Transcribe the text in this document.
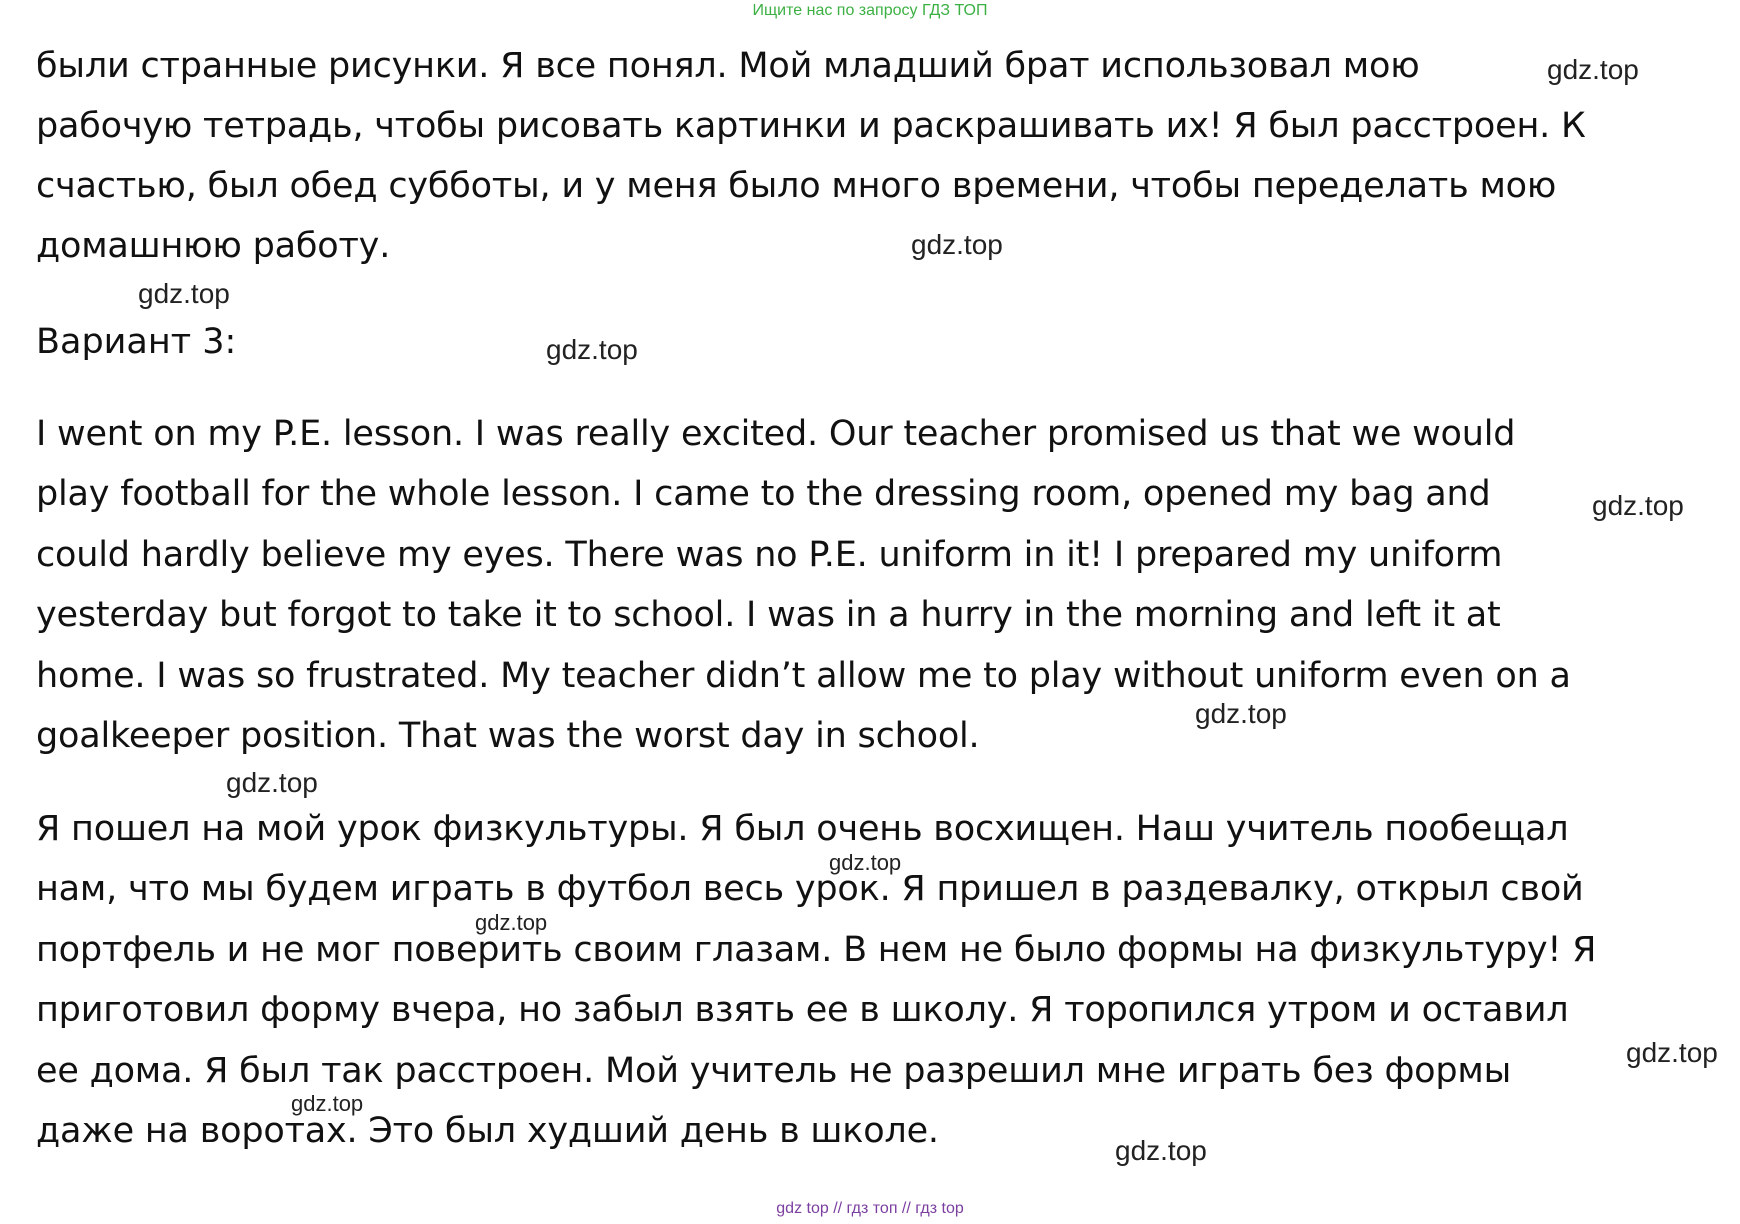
Ищите нас по запросу ГДЗ ТОП
были странные рисунки. Я все понял. Мой младший брат использовал мою
рабочую тетрадь, чтобы рисовать картинки и раскрашивать их! Я был расстроен. К
счастью, был обед субботы, и у меня было много времени, чтобы переделать мою
домашнюю работу.
Вариант 3:
I went on my P.E. lesson. I was really excited. Our teacher promised us that we would
play football for the whole lesson. I came to the dressing room, opened my bag and
could hardly believe my eyes. There was no P.E. uniform in it! I prepared my uniform
yesterday but forgot to take it to school. I was in a hurry in the morning and left it at
home. I was so frustrated. My teacher didn’t allow me to play without uniform even on a
goalkeeper position. That was the worst day in school.
Я пошел на мой урок физкультуры. Я был очень восхищен. Наш учитель пообещал
нам, что мы будем играть в футбол весь урок. Я пришел в раздевалку, открыл свой
портфель и не мог поверить своим глазам. В нем не было формы на физкультуру! Я
приготовил форму вчера, но забыл взять ее в школу. Я торопился утром и оставил
ее дома. Я был так расстроен. Мой учитель не разрешил мне играть без формы
даже на воротах. Это был худший день в школе.
gdz.top
gdz.top
gdz.top
gdz.top
gdz.top
gdz.top
gdz.top
gdz.top
gdz.top
gdz.top
gdz.top
gdz.top
gdz top // гдз топ // гдз top
